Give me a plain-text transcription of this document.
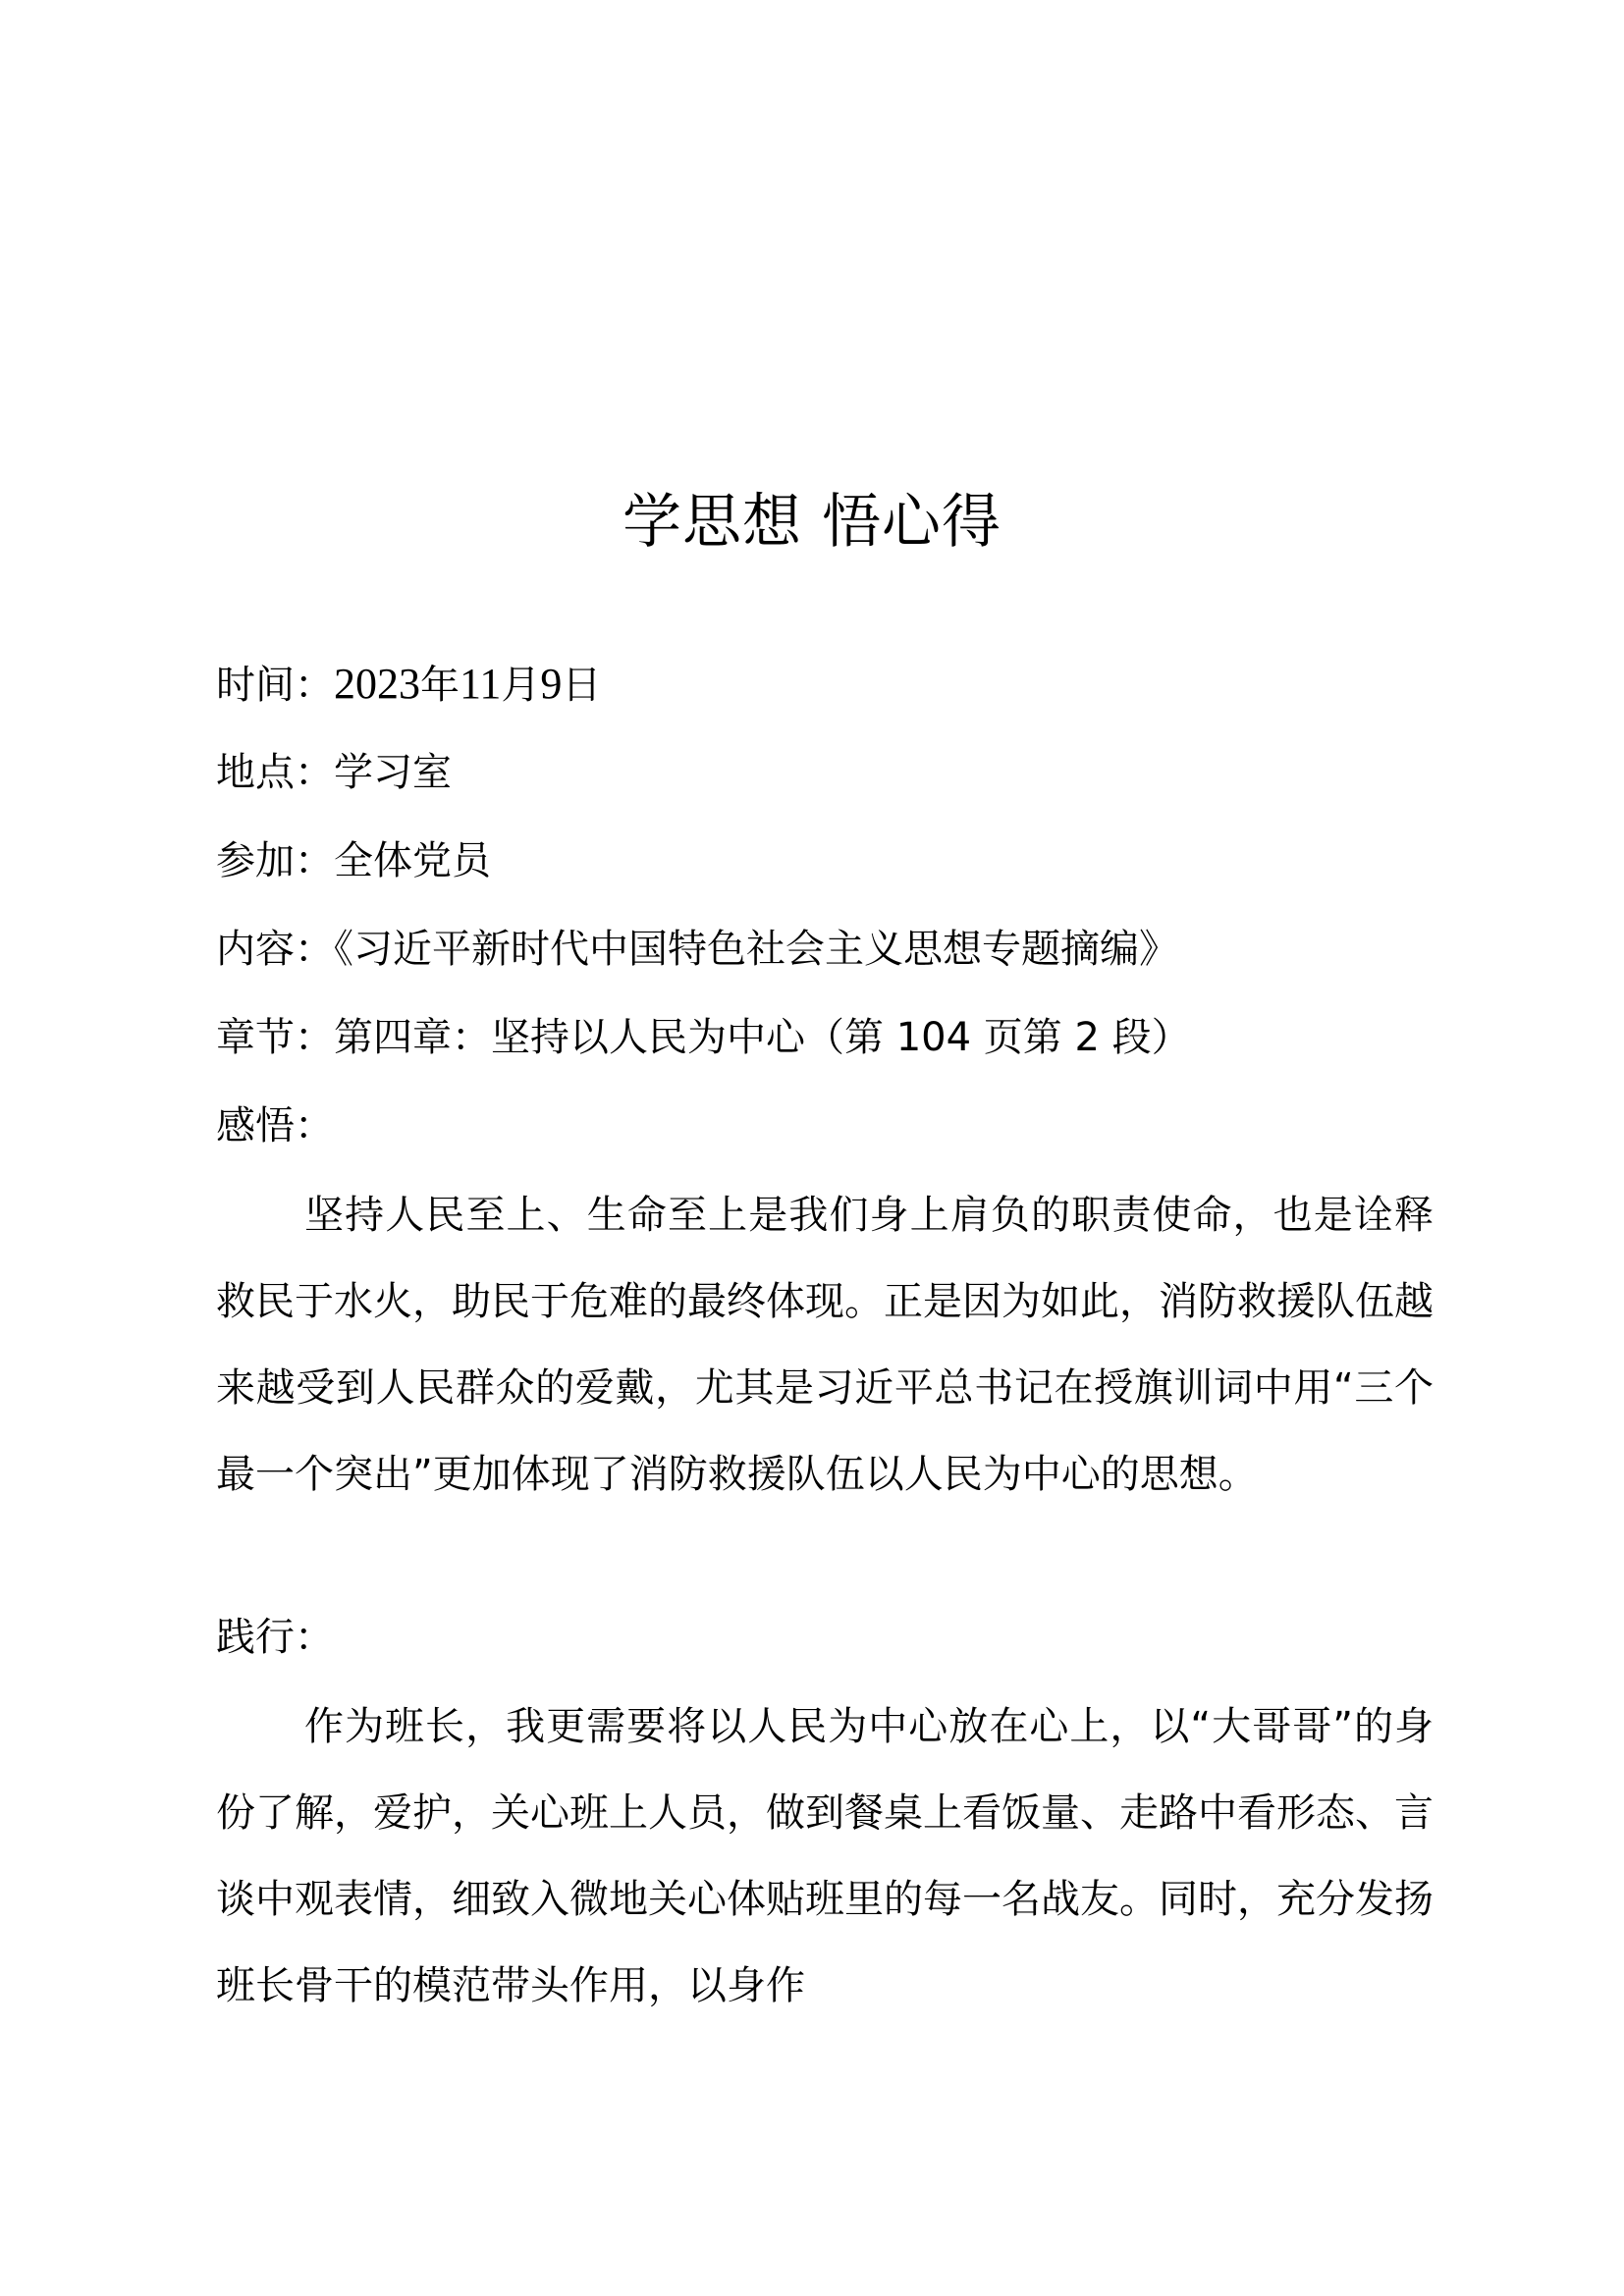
学思想 悟心得
时间：2023年11月9日
地点：学习室
参加：全体党员
内容：《习近平新时代中国特色社会主义思想专题摘编》
章节：第四章：坚持以人民为中心（第 104 页第 2 段）
感悟：

坚持人民至上、生命至上是我们身上肩负的职责使命，也是诠释救民于水火，助民于危难的最终体现。正是因为如此，消防救援队伍越来越受到人民群众的爱戴，尤其是习近平总书记在授旗训词中用“三个最一个突出”更加体现了消防救援队伍以人民为中心的思想。

践行：

作为班长，我更需要将以人民为中心放在心上，以“大哥哥”的身份了解，爱护，关心班上人员，做到餐桌上看饭量、走路中看形态、言谈中观表情，细致入微地关心体贴班里的每一名战友。同时，充分发扬班长骨干的模范带头作用，以身作
